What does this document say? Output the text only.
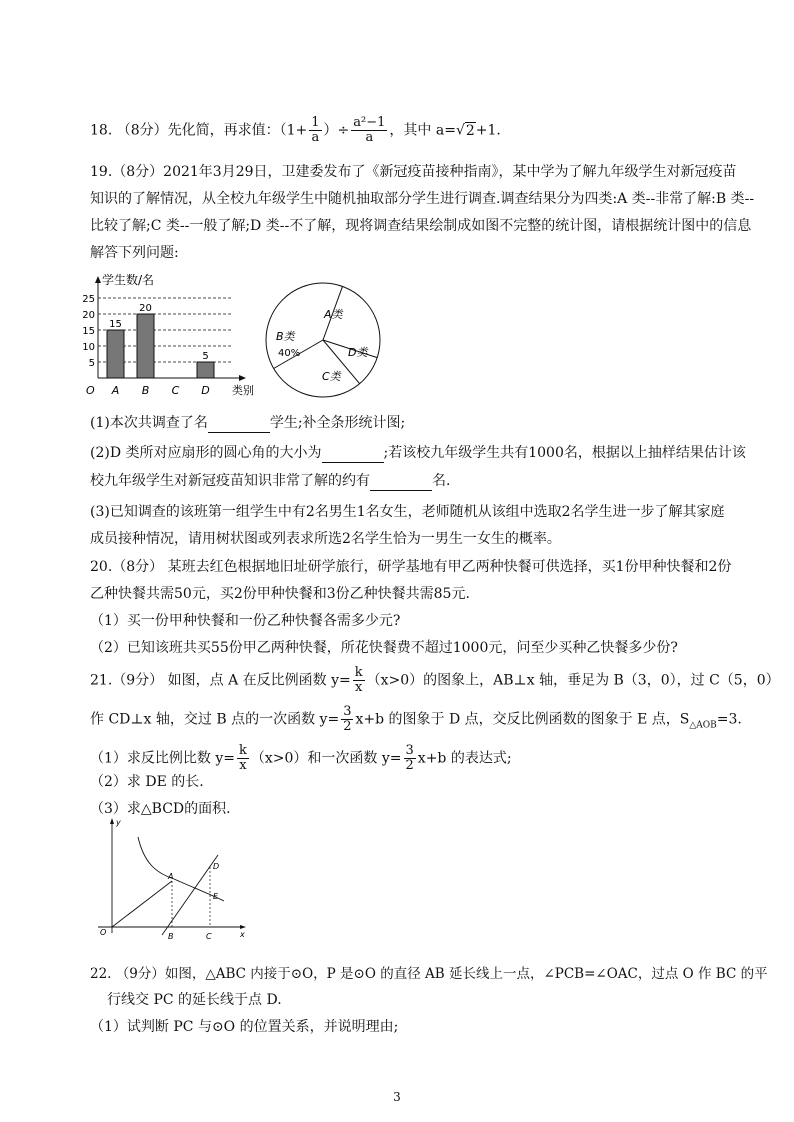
18. （8分）先化简，再求值：（$1+ \frac{1}{a}$ ）÷ $\frac{\text{a²−1}}{a}$ ，其中 a=√2+1.
19.（8分）2021年3月29日，卫建委发布了《新冠疫苗接种指南》，某中学为了解九年级学生对新冠疫苗
知识的了解情况，从全校九年级学生中随机抽取部分学生进行调查.调查结果分为四类:A 类--非常了解:B 类--
比较了解;C 类--一般了解;D 类--不了解，现将调查结果绘制成如图不完整的统计图，请根据统计图中的信息
解答下列问题:
5
10
15
20
25
15
A
20
B C
5
D
学生数/名
类别
O
A类
B类
40%	D类
C类
(1)本次共调查了名	学生;补全条形统计图;
(2)D 类所对应扇形的圆心角的大小为	;若该校九年级学生共有1000名，根据以上抽样结果估计该
校九年级学生对新冠疫苗知识非常了解的约有	名.
(3)已知调查的该班第一组学生中有2名男生1名女生，老师随机从该组中选取2名学生进一步了解其家庭
成员接种情况，请用树状图或列表求所选2名学生恰为一男生一女生的概率。
20.（8分） 某班去红色根据地旧址研学旅行，研学基地有甲乙两种快餐可供选择，买1份甲种快餐和2份
乙种快餐共需50元，买2份甲种快餐和3份乙种快餐共需85元.
（1）买一份甲种快餐和一份乙种快餐各需多少元?
（2）已知该班共买55份甲乙两种快餐，所花快餐费不超过1000元，问至少买种乙快餐多少份?
21.（9分） 如图，点 A 在反比例函数 $y= \frac{k}{x} (x>0)$的图象上，AB⊥x 轴，垂足为 B（3，0），过 C（5，0）
作 CD⊥x 轴，交过 B 点的一次函数 $y= \frac{3}{2} x+b$ 的图象于 D 点，交反比例函数的图象于 E 点，$S_{\triangle AOB}=3$.
（1）求反比例比数 $y= \frac{k}{x} (x>0)$和一次函数 $y= \frac{3}{2} x+b$ 的表达式;
（2）求 DE 的长.
（3）求△BCD的面积.
y
x
O
A
B	C
D
E
22. （9分）如图，△ABC 内接于⊙O，P 是⊙O 的直径 AB 延长线上一点，∠PCB=∠OAC，过点 O 作 BC 的平
行线交 PC 的延长线于点 D.
（1）试判断 PC 与⊙O 的位置关系，并说明理由;
3
